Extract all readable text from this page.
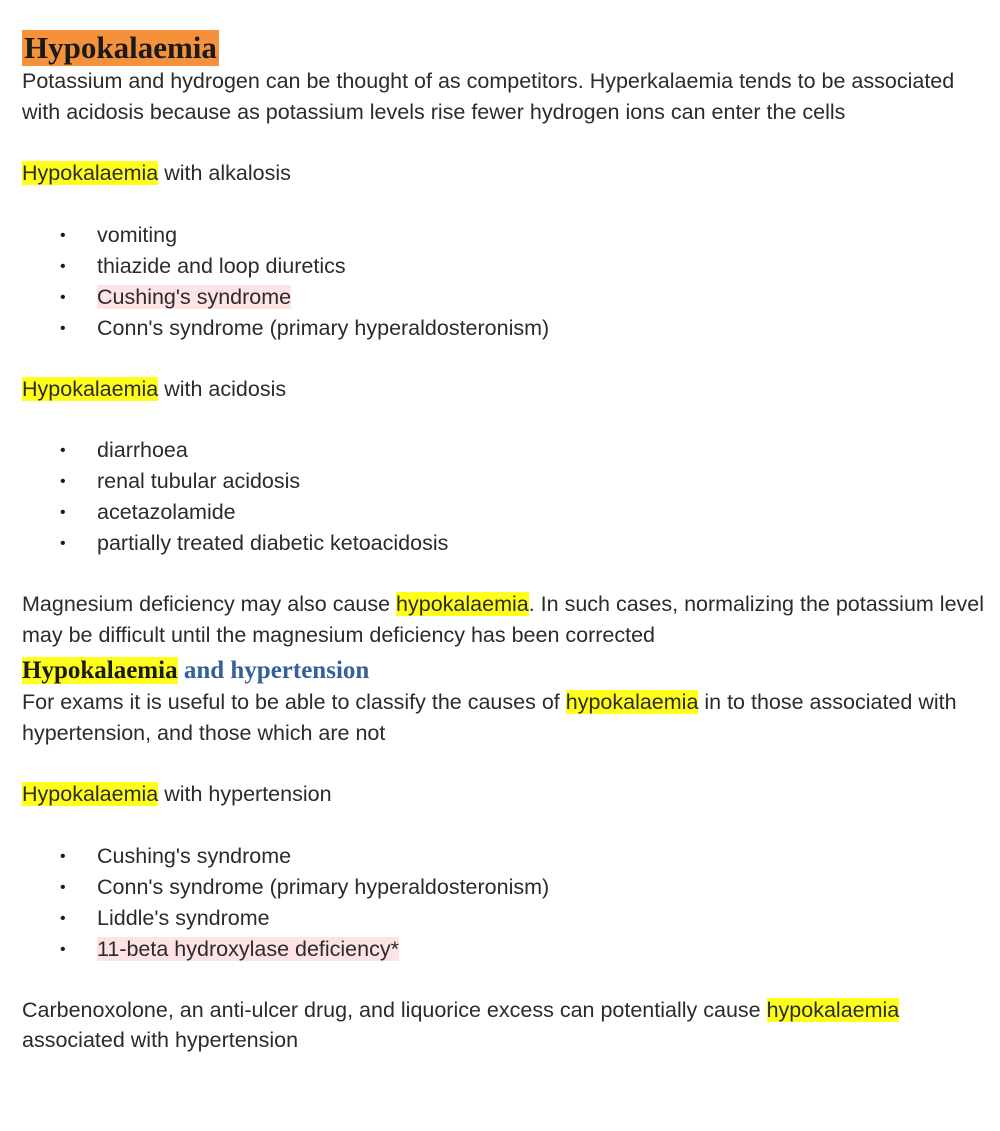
Hypokalaemia

Potassium and hydrogen can be thought of as competitors. Hyperkalaemia tends to be associated with acidosis because as potassium levels rise fewer hydrogen ions can enter the cells

Hypokalaemia with alkalosis

• vomiting
• thiazide and loop diuretics
• Cushing's syndrome
• Conn's syndrome (primary hyperaldosteronism)

Hypokalaemia with acidosis

• diarrhoea
• renal tubular acidosis
• acetazolamide
• partially treated diabetic ketoacidosis

Magnesium deficiency may also cause hypokalaemia. In such cases, normalizing the potassium level may be difficult until the magnesium deficiency has been corrected

Hypokalaemia and hypertension

For exams it is useful to be able to classify the causes of hypokalaemia in to those associated with hypertension, and those which are not

Hypokalaemia with hypertension

• Cushing's syndrome
• Conn's syndrome (primary hyperaldosteronism)
• Liddle's syndrome
• 11-beta hydroxylase deficiency*

Carbenoxolone, an anti-ulcer drug, and liquorice excess can potentially cause hypokalaemia associated with hypertension
